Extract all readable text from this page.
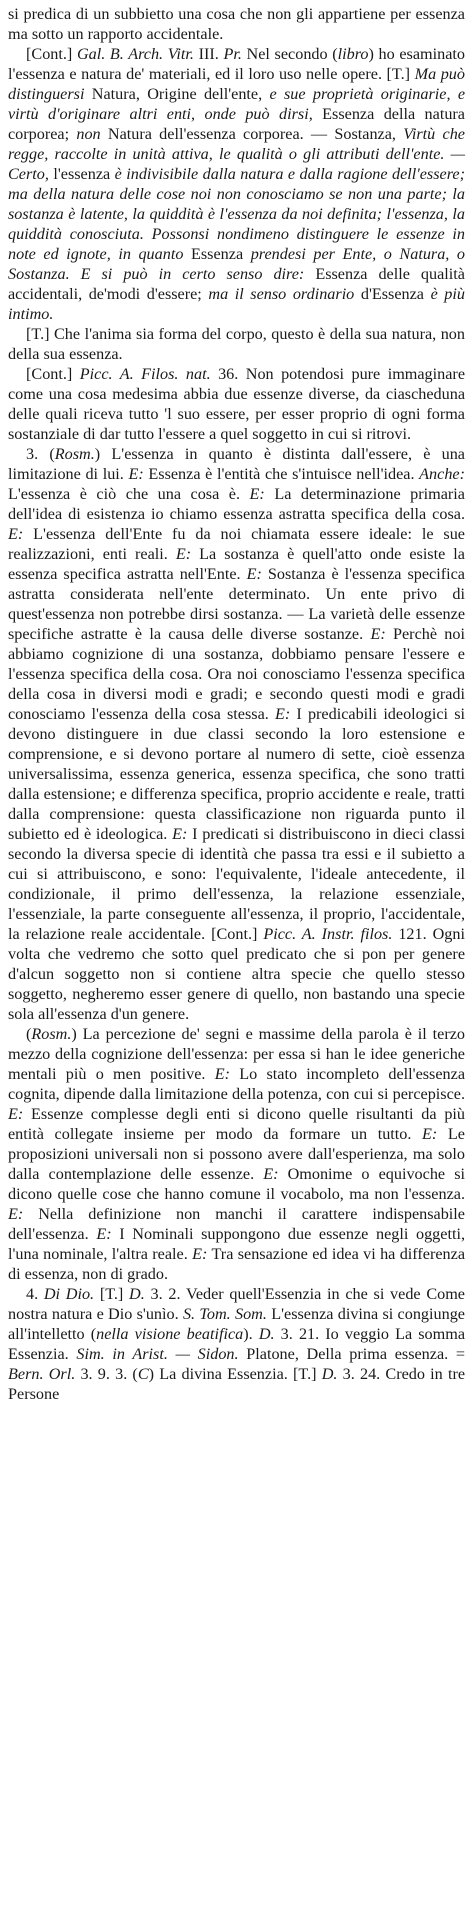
si predica di un subbietto una cosa che non gli appartiene per essenza ma sotto un rapporto accidentale.

[Cont.] Gal. B. Arch. Vitr. III. Pr. Nel secondo (libro) ho esaminato l'essenza e natura de' materiali, ed il loro uso nelle opere. [T.] Ma può distinguersi Natura, Origine dell'ente, e sue proprietà originarie, e virtù d'originare altri enti, onde può dirsi, Essenza della natura corporea; non Natura dell'essenza corporea. — Sostanza, Virtù che regge, raccolte in unità attiva, le qualità o gli attributi dell'ente. — Certo, l'essenza è indivisibile dalla natura e dalla ragione dell'essere; ma della natura delle cose noi non conosciamo se non una parte; la sostanza è latente, la quiddità è l'essenza da noi definita; l'essenza, la quiddità conosciuta. Possonsi nondimeno distinguere le essenze in note ed ignote, in quanto Essenza prendesi per Ente, o Natura, o Sostanza. E si può in certo senso dire: Essenza delle qualità accidentali, de'modi d'essere; ma il senso ordinario d'Essenza è più intimo.

[T.] Che l'anima sia forma del corpo, questo è della sua natura, non della sua essenza.

[Cont.] Picc. A. Filos. nat. 36. Non potendosi pure immaginare come una cosa medesima abbia due essenze diverse, da ciascheduna delle quali riceva tutto 'l suo essere, per esser proprio di ogni forma sostanziale di dar tutto l'essere a quel soggetto in cui si ritrovi.

3. (Rosm.) L'essenza in quanto è distinta dall'essere, è una limitazione di lui. E: Essenza è l'entità che s'intuisce nell'idea. Anche: L'essenza è ciò che una cosa è. E: La determinazione primaria dell'idea di esistenza io chiamo essenza astratta specifica della cosa. E: L'essenza dell'Ente fu da noi chiamata essere ideale: le sue realizzazioni, enti reali. E: La sostanza è quell'atto onde esiste la essenza specifica astratta nell'Ente. E: Sostanza è l'essenza specifica astratta considerata nell'ente determinato. Un ente privo di quest'essenza non potrebbe dirsi sostanza. — La varietà delle essenze specifiche astratte è la causa delle diverse sostanze. E: Perchè noi abbiamo cognizione di una sostanza, dobbiamo pensare l'essere e l'essenza specifica della cosa. Ora noi conosciamo l'essenza specifica della cosa in diversi modi e gradi; e secondo questi modi e gradi conosciamo l'essenza della cosa stessa. E: I predicabili ideologici si devono distinguere in due classi secondo la loro estensione e comprensione, e si devono portare al numero di sette, cioè essenza universalissima, essenza generica, essenza specifica, che sono tratti dalla estensione; e differenza specifica, proprio accidente e reale, tratti dalla comprensione: questa classificazione non riguarda punto il subietto ed è ideologica. E: I predicati si distribuiscono in dieci classi secondo la diversa specie di identità che passa tra essi e il subietto a cui si attribuiscono, e sono: l'equivalente, l'ideale antecedente, il condizionale, il primo dell'essenza, la relazione essenziale, l'essenziale, la parte conseguente all'essenza, il proprio, l'accidentale, la relazione reale accidentale. [Cont.] Picc. A. Instr. filos. 121. Ogni volta che vedremo che sotto quel predicato che si pon per genere d'alcun soggetto non si contiene altra specie che quello stesso soggetto, negheremo esser genere di quello, non bastando una specie sola all'essenza d'un genere.

(Rosm.) La percezione de' segni e massime della parola è il terzo mezzo della cognizione dell'essenza: per essa si han le idee generiche mentali più o men positive. E: Lo stato incompleto dell'essenza cognita, dipende dalla limitazione della potenza, con cui si percepisce. E: Essenze complesse degli enti si dicono quelle risultanti da più entità collegate insieme per modo da formare un tutto. E: Le proposizioni universali non si possono avere dall'esperienza, ma solo dalla contemplazione delle essenze. E: Omonime o equivoche si dicono quelle cose che hanno comune il vocabolo, ma non l'essenza. E: Nella definizione non manchi il carattere indispensabile dell'essenza. E: I Nominali suppongono due essenze negli oggetti, l'una nominale, l'altra reale. E: Tra sensazione ed idea vi ha differenza di essenza, non di grado.

4. Di Dio. [T.] D. 3. 2. Veder quell'Essenzia in che si vede Come nostra natura e Dio s'unìo. S. Tom. Som. L'essenza divina si congiunge all'intelletto (nella visione beatifica). D. 3. 21. Io veggio La somma Essenzia. Sim. in Arist. — Sidon. Platone, Della prima essenza. = Bern. Orl. 3. 9. 3. (C) La divina Essenzia. [T.] D. 3. 24. Credo in tre Persone
